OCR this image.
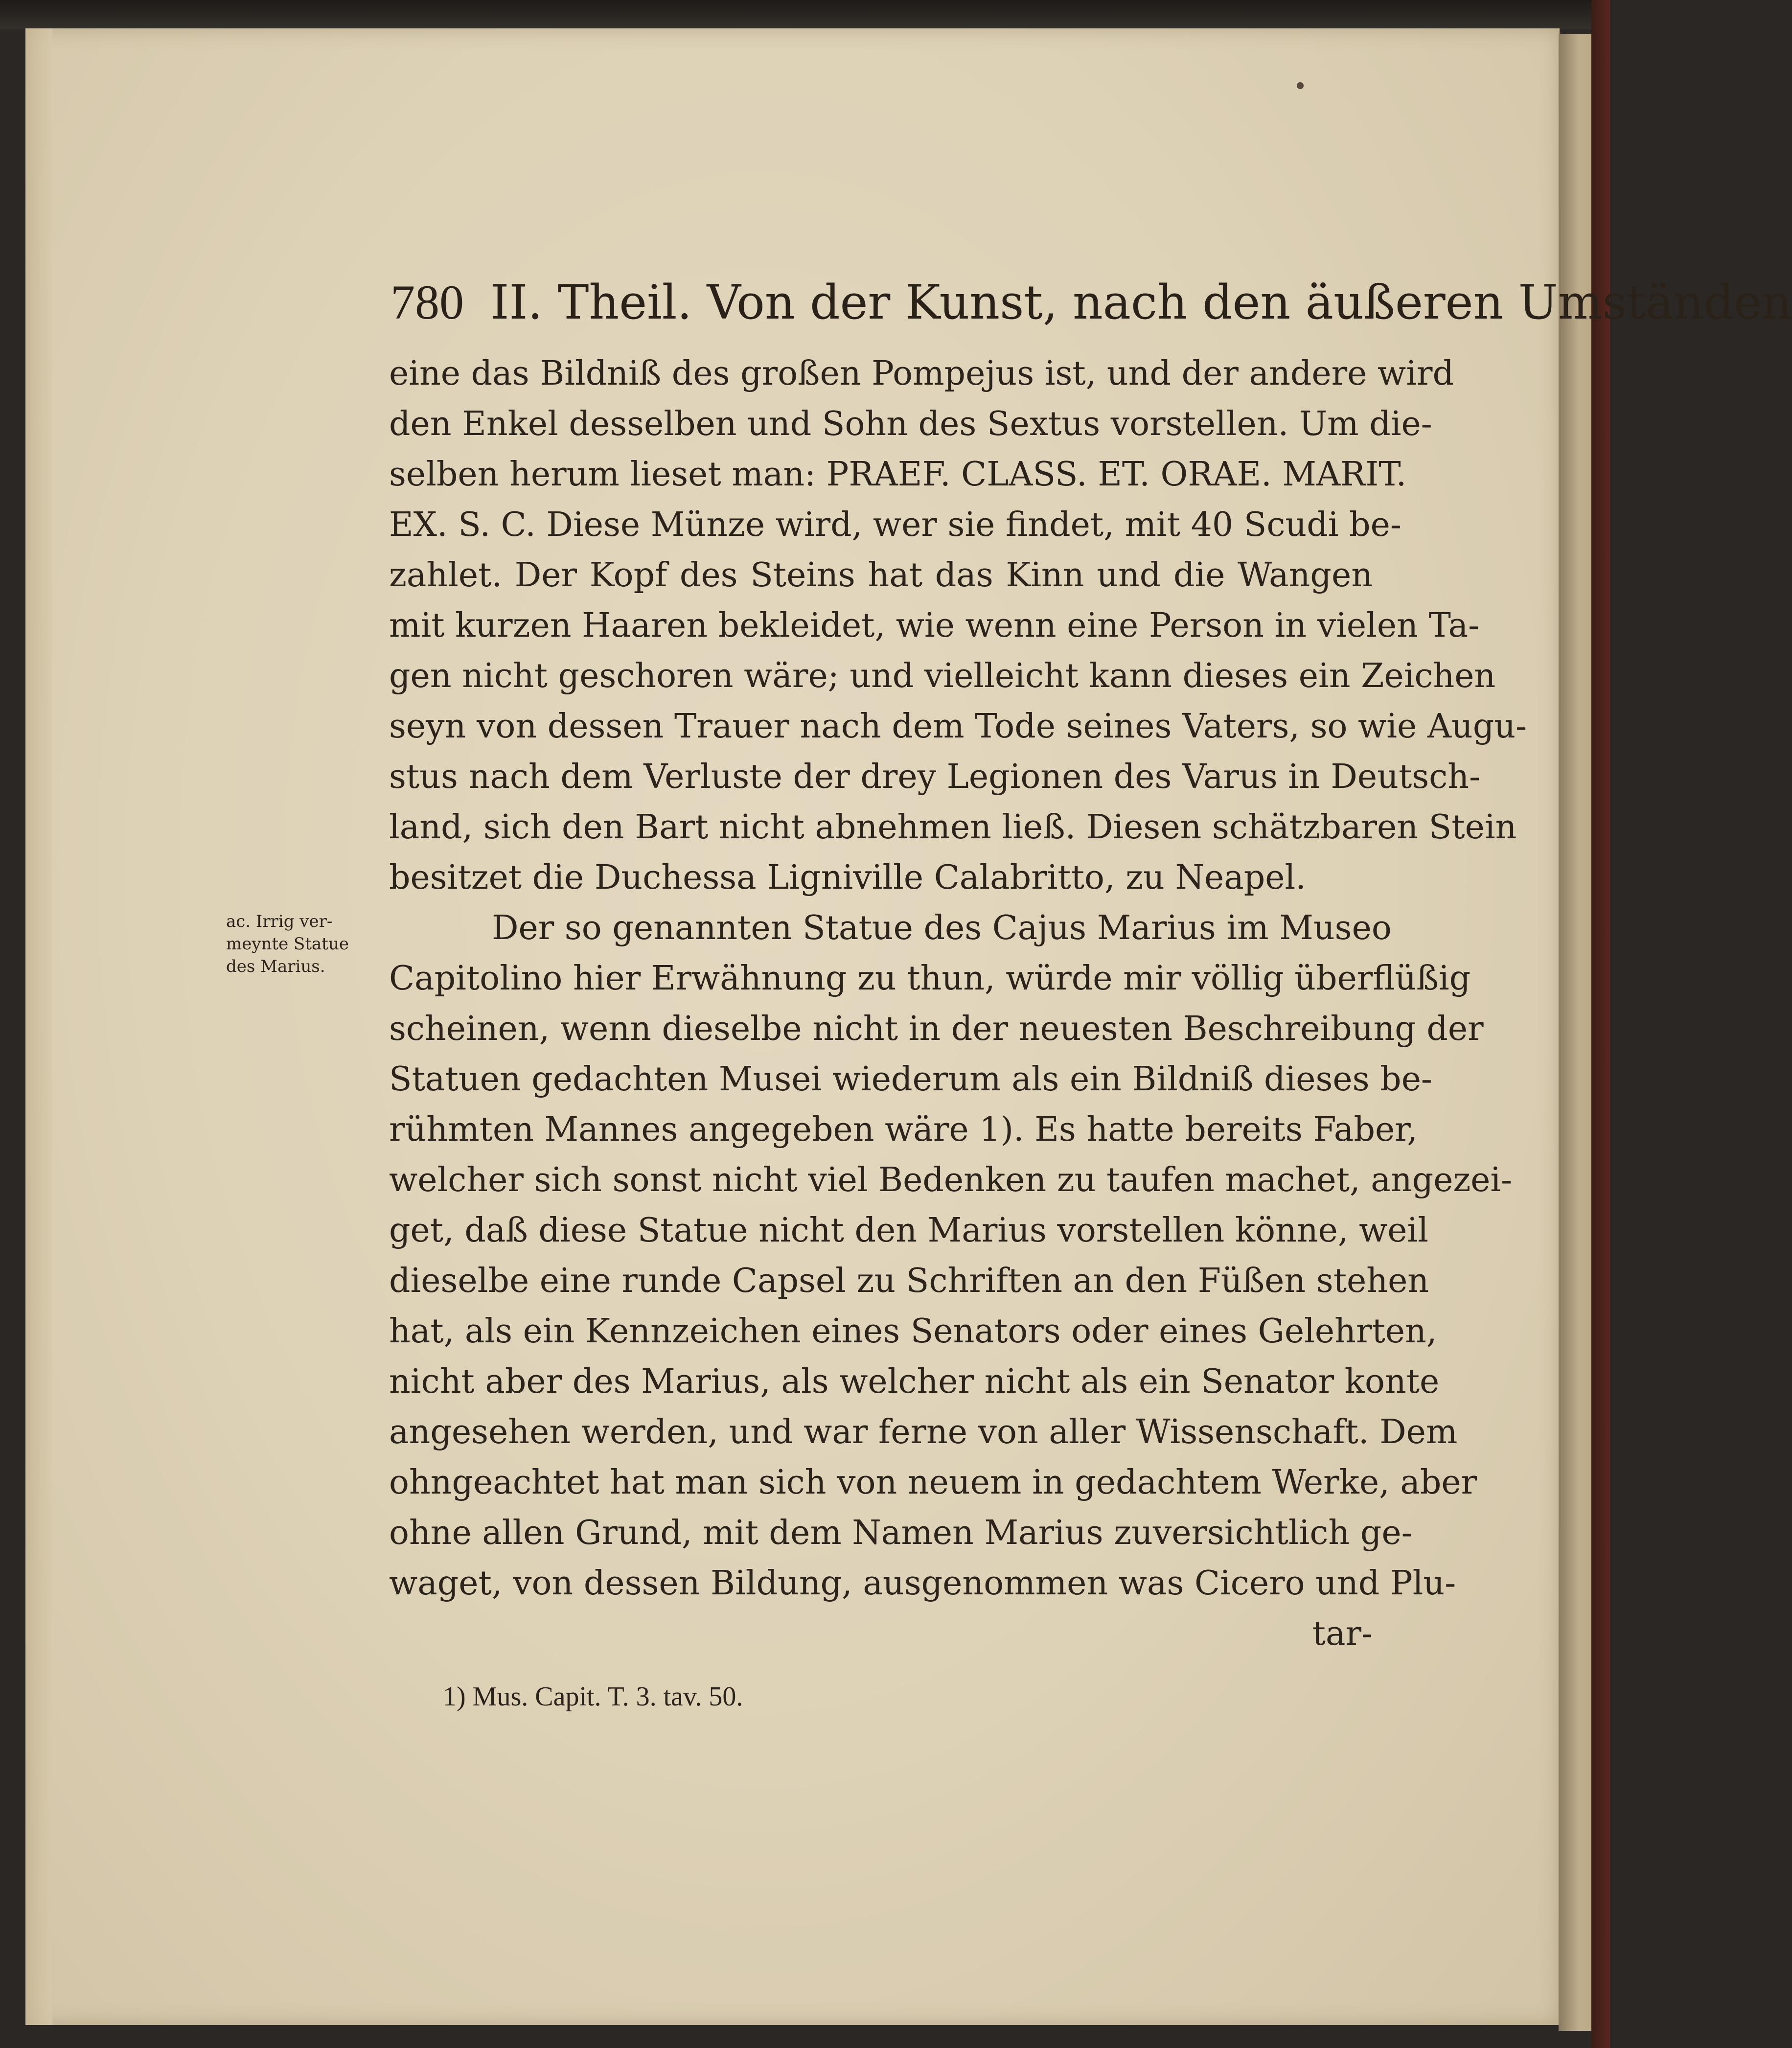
780 II. Theil. Von der Kunst, nach den äußeren Umständen
ac. Irrig ver-
meynte Statue
des Marius.
eine das Bildniß des großen Pompejus ist, und der andere wird
den Enkel desselben und Sohn des Sextus vorstellen. Um die-
selben herum lieset man: PRAEF. CLASS. ET. ORAE. MARIT.
EX. S. C. Diese Münze wird, wer sie findet, mit 40 Scudi be-
zahlet. Der Kopf des Steins hat das Kinn und die Wangen
mit kurzen Haaren bekleidet, wie wenn eine Person in vielen Ta-
gen nicht geschoren wäre; und vielleicht kann dieses ein Zeichen
seyn von dessen Trauer nach dem Tode seines Vaters, so wie Augu-
stus nach dem Verluste der drey Legionen des Varus in Deutsch-
land, sich den Bart nicht abnehmen ließ. Diesen schätzbaren Stein
besitzet die Duchessa Ligniville Calabritto, zu Neapel.
Der so genannten Statue des Cajus Marius im Museo
Capitolino hier Erwähnung zu thun, würde mir völlig überflüßig
scheinen, wenn dieselbe nicht in der neuesten Beschreibung der
Statuen gedachten Musei wiederum als ein Bildniß dieses be-
rühmten Mannes angegeben wäre 1). Es hatte bereits Faber,
welcher sich sonst nicht viel Bedenken zu taufen machet, angezei-
get, daß diese Statue nicht den Marius vorstellen könne, weil
dieselbe eine runde Capsel zu Schriften an den Füßen stehen
hat, als ein Kennzeichen eines Senators oder eines Gelehrten,
nicht aber des Marius, als welcher nicht als ein Senator konte
angesehen werden, und war ferne von aller Wissenschaft. Dem
ohngeachtet hat man sich von neuem in gedachtem Werke, aber
ohne allen Grund, mit dem Namen Marius zuversichtlich ge-
waget, von dessen Bildung, ausgenommen was Cicero und Plu-
tar-
1) Mus. Capit. T. 3. tav. 50.
